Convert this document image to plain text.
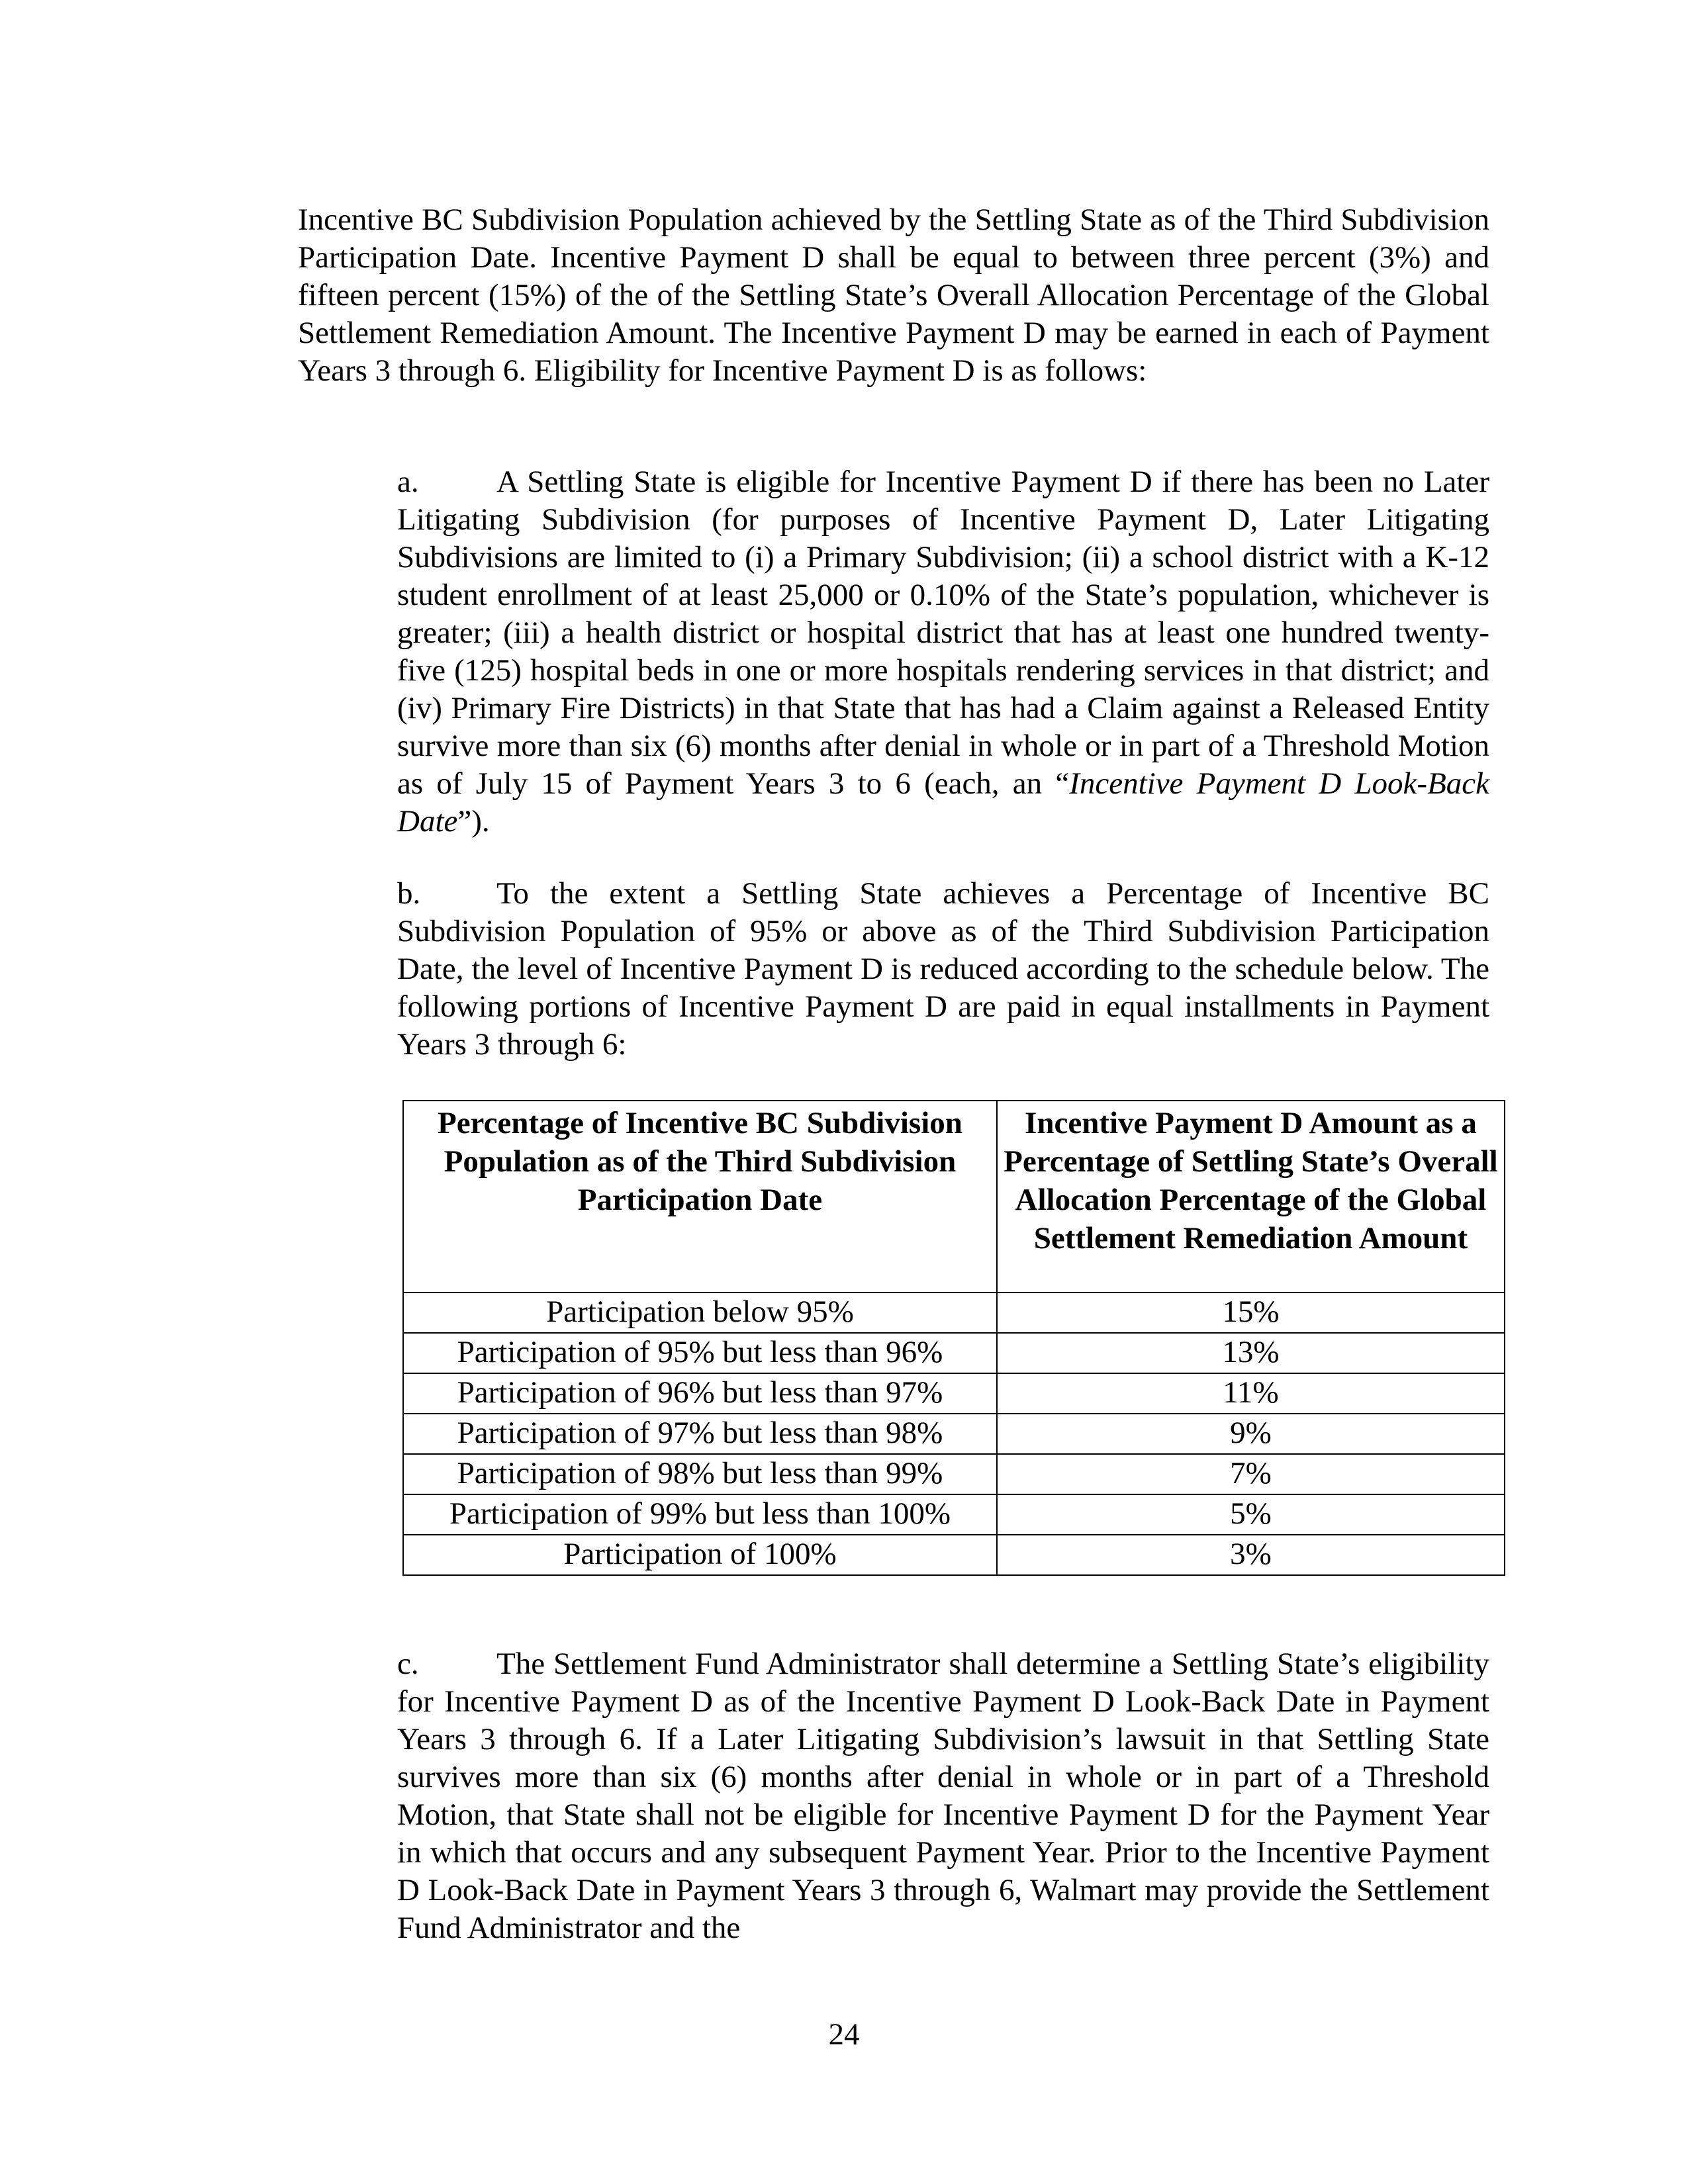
Incentive BC Subdivision Population achieved by the Settling State as of the Third Subdivision Participation Date. Incentive Payment D shall be equal to between three percent (3%) and fifteen percent (15%) of the of the Settling State’s Overall Allocation Percentage of the Global Settlement Remediation Amount. The Incentive Payment D may be earned in each of Payment Years 3 through 6. Eligibility for Incentive Payment D is as follows:

a. A Settling State is eligible for Incentive Payment D if there has been no Later Litigating Subdivision (for purposes of Incentive Payment D, Later Litigating Subdivisions are limited to (i) a Primary Subdivision; (ii) a school district with a K-12 student enrollment of at least 25,000 or 0.10% of the State’s population, whichever is greater; (iii) a health district or hospital district that has at least one hundred twenty-five (125) hospital beds in one or more hospitals rendering services in that district; and (iv) Primary Fire Districts) in that State that has had a Claim against a Released Entity survive more than six (6) months after denial in whole or in part of a Threshold Motion as of July 15 of Payment Years 3 to 6 (each, an “Incentive Payment D Look-Back Date”).

b. To the extent a Settling State achieves a Percentage of Incentive BC Subdivision Population of 95% or above as of the Third Subdivision Participation Date, the level of Incentive Payment D is reduced according to the schedule below. The following portions of Incentive Payment D are paid in equal installments in Payment Years 3 through 6:

Percentage of Incentive BC Subdivision Population as of the Third Subdivision Participation Date	Incentive Payment D Amount as a Percentage of Settling State’s Overall Allocation Percentage of the Global Settlement Remediation Amount
Participation below 95%	15%
Participation of 95% but less than 96%	13%
Participation of 96% but less than 97%	11%
Participation of 97% but less than 98%	9%
Participation of 98% but less than 99%	7%
Participation of 99% but less than 100%	5%
Participation of 100%	3%

c. The Settlement Fund Administrator shall determine a Settling State’s eligibility for Incentive Payment D as of the Incentive Payment D Look-Back Date in Payment Years 3 through 6. If a Later Litigating Subdivision’s lawsuit in that Settling State survives more than six (6) months after denial in whole or in part of a Threshold Motion, that State shall not be eligible for Incentive Payment D for the Payment Year in which that occurs and any subsequent Payment Year. Prior to the Incentive Payment D Look-Back Date in Payment Years 3 through 6, Walmart may provide the Settlement Fund Administrator and the

24
